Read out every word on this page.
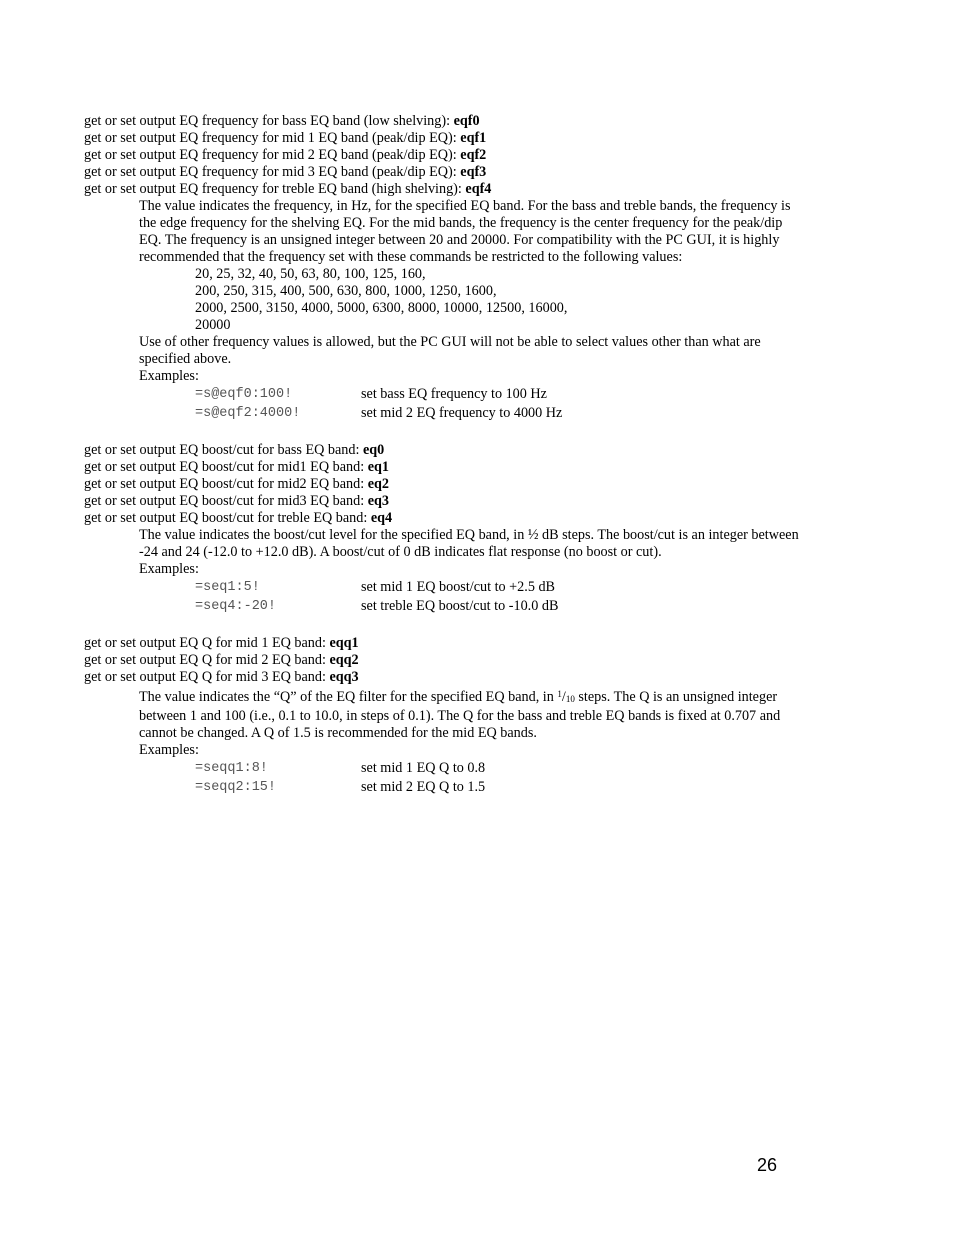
get or set output EQ frequency for bass EQ band (low shelving): eqf0
get or set output EQ frequency for mid 1 EQ band (peak/dip EQ): eqf1
get or set output EQ frequency for mid 2 EQ band (peak/dip EQ): eqf2
get or set output EQ frequency for mid 3 EQ band (peak/dip EQ): eqf3
get or set output EQ frequency for treble EQ band (high shelving): eqf4
The value indicates the frequency, in Hz, for the specified EQ band. For the bass and treble bands, the frequency is
the edge frequency for the shelving EQ. For the mid bands, the frequency is the center frequency for the peak/dip
EQ. The frequency is an unsigned integer between 20 and 20000. For compatibility with the PC GUI, it is highly
recommended that the frequency set with these commands be restricted to the following values:
20, 25, 32, 40, 50, 63, 80, 100, 125, 160,
200, 250, 315, 400, 500, 630, 800, 1000, 1250, 1600,
2000, 2500, 3150, 4000, 5000, 6300, 8000, 10000, 12500, 16000,
20000
Use of other frequency values is allowed, but the PC GUI will not be able to select values other than what are
specified above.
Examples:
=s@eqf0:100!	set bass EQ frequency to 100 Hz
=s@eqf2:4000!	set mid 2 EQ frequency to 4000 Hz
get or set output EQ boost/cut for bass EQ band: eq0
get or set output EQ boost/cut for mid1 EQ band: eq1
get or set output EQ boost/cut for mid2 EQ band: eq2
get or set output EQ boost/cut for mid3 EQ band: eq3
get or set output EQ boost/cut for treble EQ band: eq4
The value indicates the boost/cut level for the specified EQ band, in ½ dB steps. The boost/cut is an integer between
-24 and 24 (-12.0 to +12.0 dB). A boost/cut of 0 dB indicates flat response (no boost or cut).
Examples:
=seq1:5!	set mid 1 EQ boost/cut to +2.5 dB
=seq4:-20!	set treble EQ boost/cut to -10.0 dB
get or set output EQ Q for mid 1 EQ band: eqq1
get or set output EQ Q for mid 2 EQ band: eqq2
get or set output EQ Q for mid 3 EQ band: eqq3
The value indicates the “Q” of the EQ filter for the specified EQ band, in $^1/_{10}$ steps. The Q is an unsigned integer
between 1 and 100 (i.e., 0.1 to 10.0, in steps of 0.1). The Q for the bass and treble EQ bands is fixed at 0.707 and
cannot be changed. A Q of 1.5 is recommended for the mid EQ bands.
Examples:
=seqq1:8!	set mid 1 EQ Q to 0.8
=seqq2:15!	set mid 2 EQ Q to 1.5
26
